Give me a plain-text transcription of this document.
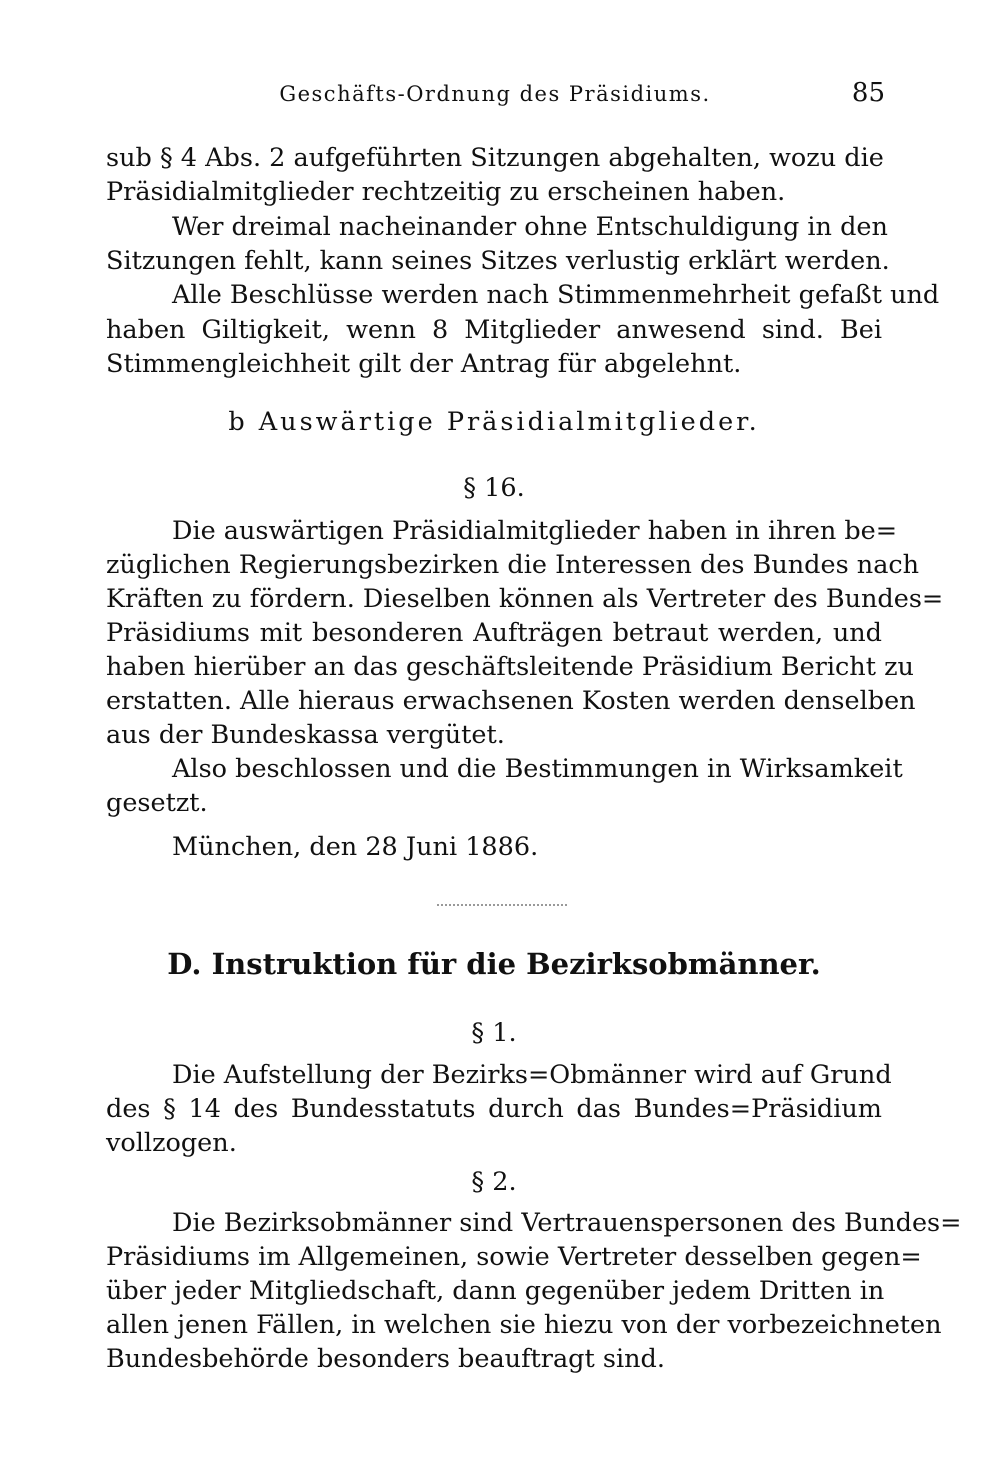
Geschäfts-Ordnung des Präsidiums.	85
sub § 4 Abs. 2 aufgeführten Sitzungen abgehalten, wozu die
Präsidialmitglieder rechtzeitig zu erscheinen haben.
Wer dreimal nacheinander ohne Entschuldigung in den
Sitzungen fehlt, kann seines Sitzes verlustig erklärt werden.
Alle Beschlüsse werden nach Stimmenmehrheit gefaßt und
haben Giltigkeit, wenn 8 Mitglieder anwesend sind. Bei
Stimmengleichheit gilt der Antrag für abgelehnt.
b Auswärtige Präsidialmitglieder.
§ 16.
Die auswärtigen Präsidialmitglieder haben in ihren be=
züglichen Regierungsbezirken die Interessen des Bundes nach
Kräften zu fördern. Dieselben können als Vertreter des Bundes=
Präsidiums mit besonderen Aufträgen betraut werden, und
haben hierüber an das geschäftsleitende Präsidium Bericht zu
erstatten. Alle hieraus erwachsenen Kosten werden denselben
aus der Bundeskassa vergütet.
Also beschlossen und die Bestimmungen in Wirksamkeit
gesetzt.
München, den 28 Juni 1886.
D. Instruktion für die Bezirksobmänner.
§ 1.
Die Aufstellung der Bezirks=Obmänner wird auf Grund
des § 14 des Bundesstatuts durch das Bundes=Präsidium
vollzogen.
§ 2.
Die Bezirksobmänner sind Vertrauenspersonen des Bundes=
Präsidiums im Allgemeinen, sowie Vertreter desselben gegen=
über jeder Mitgliedschaft, dann gegenüber jedem Dritten in
allen jenen Fällen, in welchen sie hiezu von der vorbezeichneten
Bundesbehörde besonders beauftragt sind.
